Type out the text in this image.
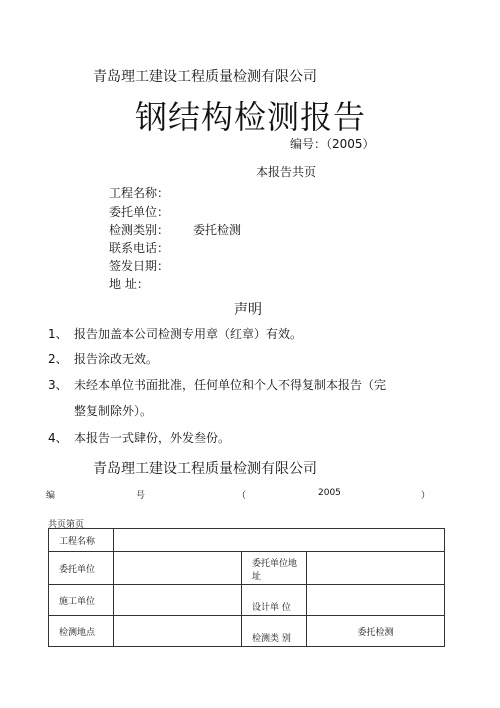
青岛理工建设工程质量检测有限公司
钢结构检测报告
编号：（2005）
本报告共页
工程名称：
委托单位：
检测类别： 委托检测
联系电话：
签发日期：
地 址：
声明
1、 报告加盖本公司检测专用章（红章）有效。
2、 报告涂改无效。
3、 未经本单位书面批准，任何单位和个人不得复制本报告（完
整复制除外）。
4、 本报告一式肆份，外发叁份。
青岛理工建设工程质量检测有限公司
编	号	（	2005	）
共页第页
工程名称			
委托单位		委托单位地 址	
施工单位		设计单 位	
检测地点		检测类 别	委托检测
